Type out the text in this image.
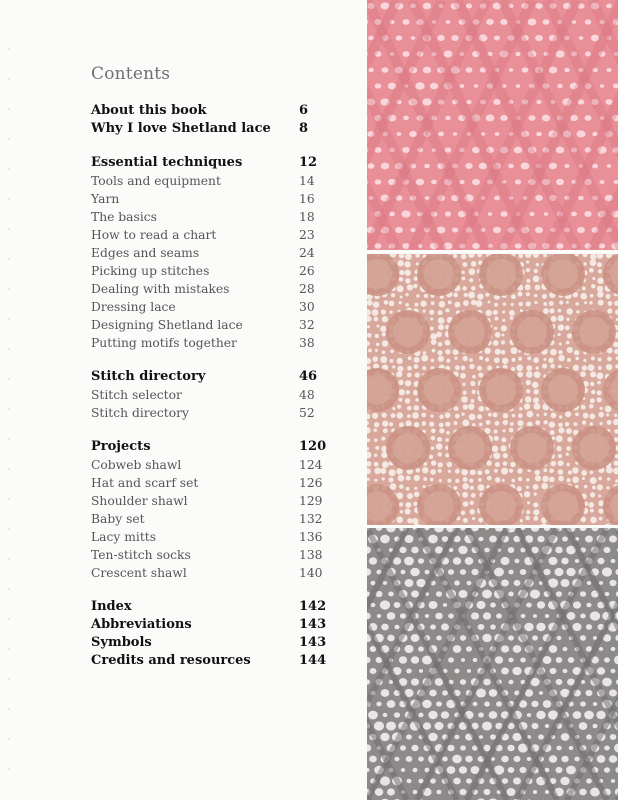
Contents
About this book	6
Why I love Shetland lace 8
Essential techniques	12
Tools and equipment	14
Yarn	16
The basics	18
How to read a chart	23
Edges and seams	24
Picking up stitches	26
Dealing with mistakes	28
Dressing lace	30
Designing Shetland lace	32
Putting motifs together	38
Stitch directory	46
Stitch selector	48
Stitch directory	52
Projects	120
Cobweb shawl	124
Hat and scarf set	126
Shoulder shawl	129
Baby set	132
Lacy mitts	136
Ten-stitch socks	138
Crescent shawl	140
Index	142
Abbreviations	143
Symbols	143
Credits and resources	144
